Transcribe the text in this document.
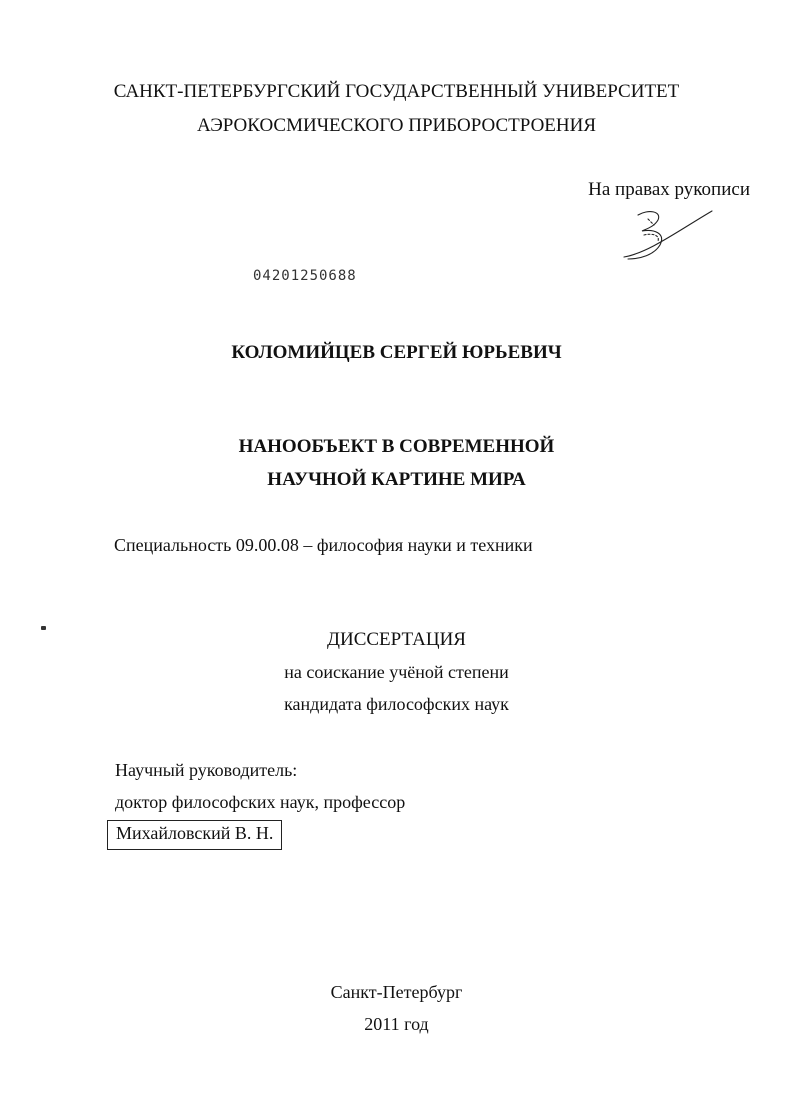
САНКТ-ПЕТЕРБУРГСКИЙ ГОСУДАРСТВЕННЫЙ УНИВЕРСИТЕТ
АЭРОКОСМИЧЕСКОГО ПРИБОРОСТРОЕНИЯ
На правах рукописи
04201250688
КОЛОМИЙЦЕВ СЕРГЕЙ ЮРЬЕВИЧ
НАНООБЪЕКТ В СОВРЕМЕННОЙ
НАУЧНОЙ КАРТИНЕ МИРА
Специальность 09.00.08 – философия науки и техники
ДИССЕРТАЦИЯ
на соискание учёной степени
кандидата философских наук
Научный руководитель:
доктор философских наук, профессор
Михайловский В. Н.
Санкт-Петербург
2011 год
